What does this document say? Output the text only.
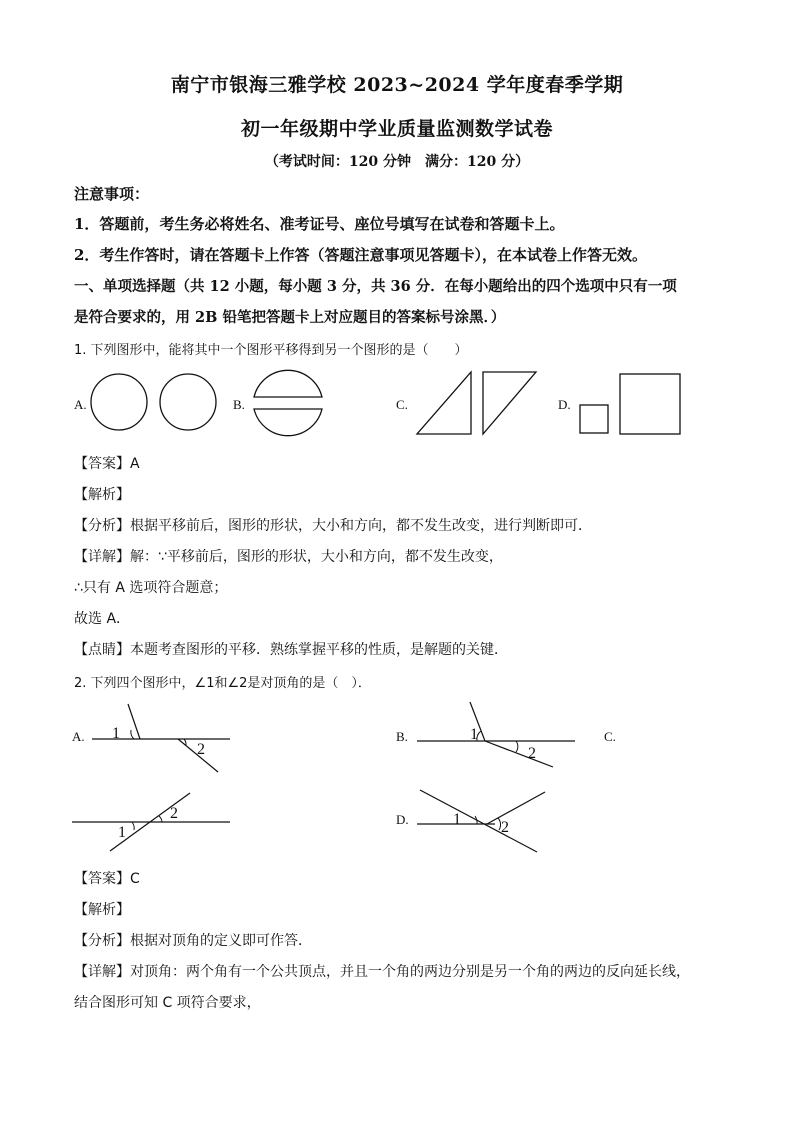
南宁市银海三雅学校 2023~2024 学年度春季学期
初一年级期中学业质量监测数学试卷
（考试时间：120 分钟　满分：120 分）
注意事项：
1．答题前，考生务必将姓名、准考证号、座位号填写在试卷和答题卡上。
2．考生作答时，请在答题卡上作答（答题注意事项见答题卡），在本试卷上作答无效。
一、单项选择题（共 12 小题，每小题 3 分，共 36 分．在每小题给出的四个选项中只有一项
是符合要求的，用 2B 铅笔把答题卡上对应题目的答案标号涂黑．）
1. 下列图形中，能将其中一个图形平移得到另一个图形的是（　　）
A.	B.	C.	D.
【答案】A
【解析】
【分析】根据平移前后，图形的形状，大小和方向，都不发生改变，进行判断即可．
【详解】解：∵平移前后，图形的形状，大小和方向，都不发生改变，
∴只有 A 选项符合题意；
故选 A．
【点睛】本题考查图形的平移．熟练掌握平移的性质，是解题的关键．
2. 下列四个图形中，∠1和∠2是对顶角的是（　）．
A.	B.	C.
D.
1
2
1
2
1
2	1	2
【答案】C
【解析】
【分析】根据对顶角的定义即可作答．
【详解】对顶角：两个角有一个公共顶点，并且一个角的两边分别是另一个角的两边的反向延长线，
结合图形可知 C 项符合要求，
